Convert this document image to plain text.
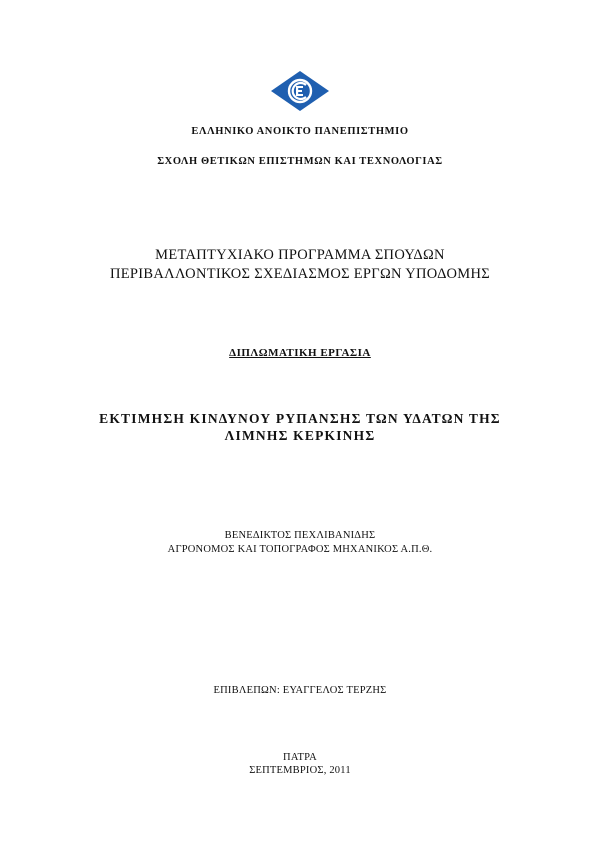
ΕΛΛΗΝΙΚΟ ΑΝΟΙΚΤΟ ΠΑΝΕΠΙΣΤΗΜΙΟ
ΣΧΟΛΗ ΘΕΤΙΚΩΝ ΕΠΙΣΤΗΜΩΝ ΚΑΙ ΤΕΧΝΟΛΟΓΙΑΣ
ΜΕΤΑΠΤΥΧΙΑΚΟ ΠΡΟΓΡΑΜΜΑ ΣΠΟΥΔΩΝ
ΠΕΡΙΒΑΛΛΟΝΤΙΚΟΣ ΣΧΕΔΙΑΣΜΟΣ ΕΡΓΩΝ ΥΠΟΔΟΜΗΣ
ΔΙΠΛΩΜΑΤΙΚΗ ΕΡΓΑΣΙΑ
ΕΚΤΙΜΗΣΗ ΚΙΝΔΥΝΟΥ ΡΥΠΑΝΣΗΣ ΤΩΝ ΥΔΑΤΩΝ ΤΗΣ
ΛΙΜΝΗΣ ΚΕΡΚΙΝΗΣ
ΒΕΝΕΔΙΚΤΟΣ ΠΕΧΛΙΒΑΝΙΔΗΣ
ΑΓΡΟΝΟΜΟΣ ΚΑΙ ΤΟΠΟΓΡΑΦΟΣ ΜΗΧΑΝΙΚΟΣ Α.Π.Θ.
ΕΠΙΒΛΕΠΩΝ: ΕΥΑΓΓΕΛΟΣ ΤΕΡΖΗΣ
ΠΑΤΡΑ
ΣΕΠΤΕΜΒΡΙΟΣ, 2011
